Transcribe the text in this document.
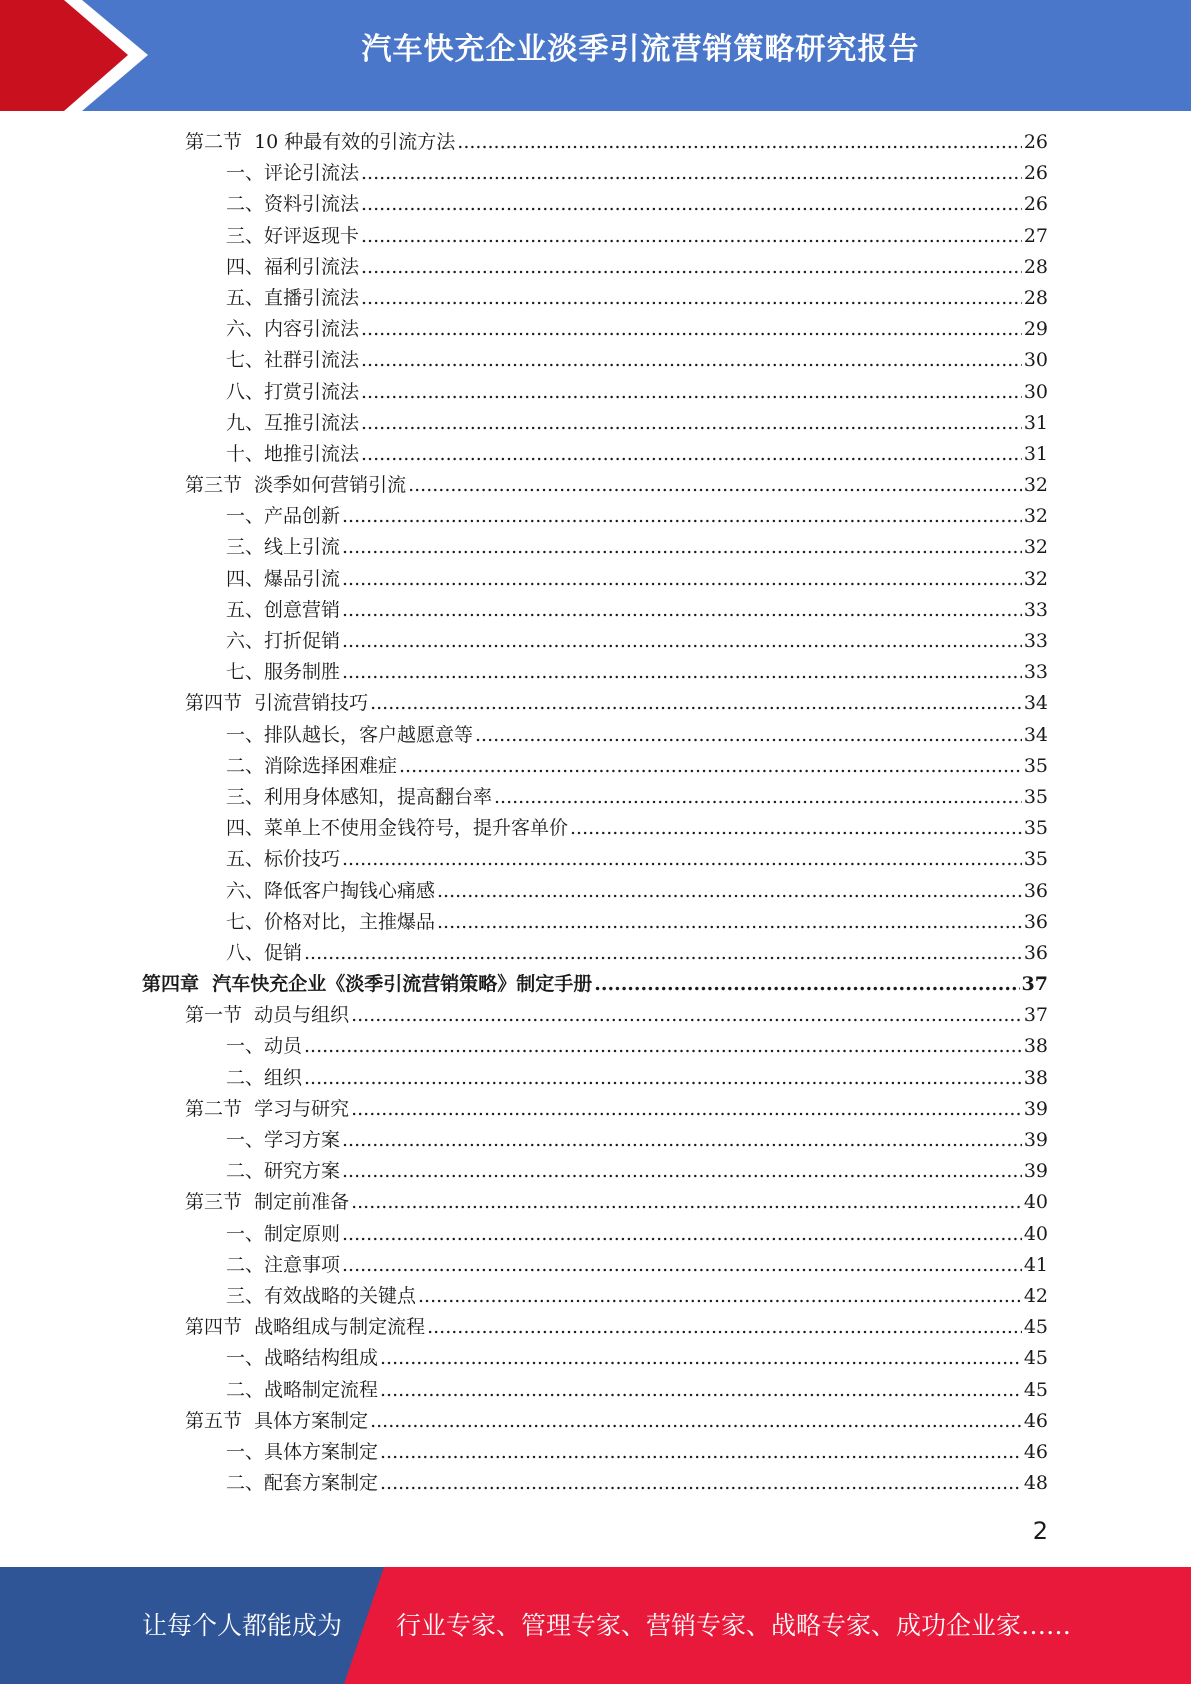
汽车快充企业淡季引流营销策略研究报告
第二节  10 种最有效的引流方法 .....	26
一、评论引流法 .....	26
二、资料引流法 .....	26
三、好评返现卡 .....	27
四、福利引流法 .....	28
五、直播引流法 .....	28
六、内容引流法 .....	29
七、社群引流法 .....	30
八、打赏引流法 .....	30
九、互推引流法 .....	31
十、地推引流法 .....	31
第三节  淡季如何营销引流 .....	32
一、产品创新 .....	32
三、线上引流 .....	32
四、爆品引流 .....	32
五、创意营销 .....	33
六、打折促销 .....	33
七、服务制胜 .....	33
第四节  引流营销技巧 .....	34
一、排队越长，客户越愿意等 .....	34
二、消除选择困难症 .....	35
三、利用身体感知，提高翻台率 .....	35
四、菜单上不使用金钱符号，提升客单价 .....	35
五、标价技巧 .....	35
六、降低客户掏钱心痛感 .....	36
七、价格对比，主推爆品 .....	36
八、促销 .....	36
第四章  汽车快充企业《淡季引流营销策略》制定手册 .....	37
第一节  动员与组织 .....	37
一、动员 .....	38
二、组织 .....	38
第二节  学习与研究 .....	39
一、学习方案 .....	39
二、研究方案 .....	39
第三节  制定前准备 .....	40
一、制定原则 .....	40
二、注意事项 .....	41
三、有效战略的关键点 .....	42
第四节  战略组成与制定流程 .....	45
一、战略结构组成 .....	45
二、战略制定流程 .....	45
第五节  具体方案制定 .....	46
一、具体方案制定 .....	46
二、配套方案制定 .....	48
2
让每个人都能成为 行业专家、管理专家、营销专家、战略专家、成功企业家……
